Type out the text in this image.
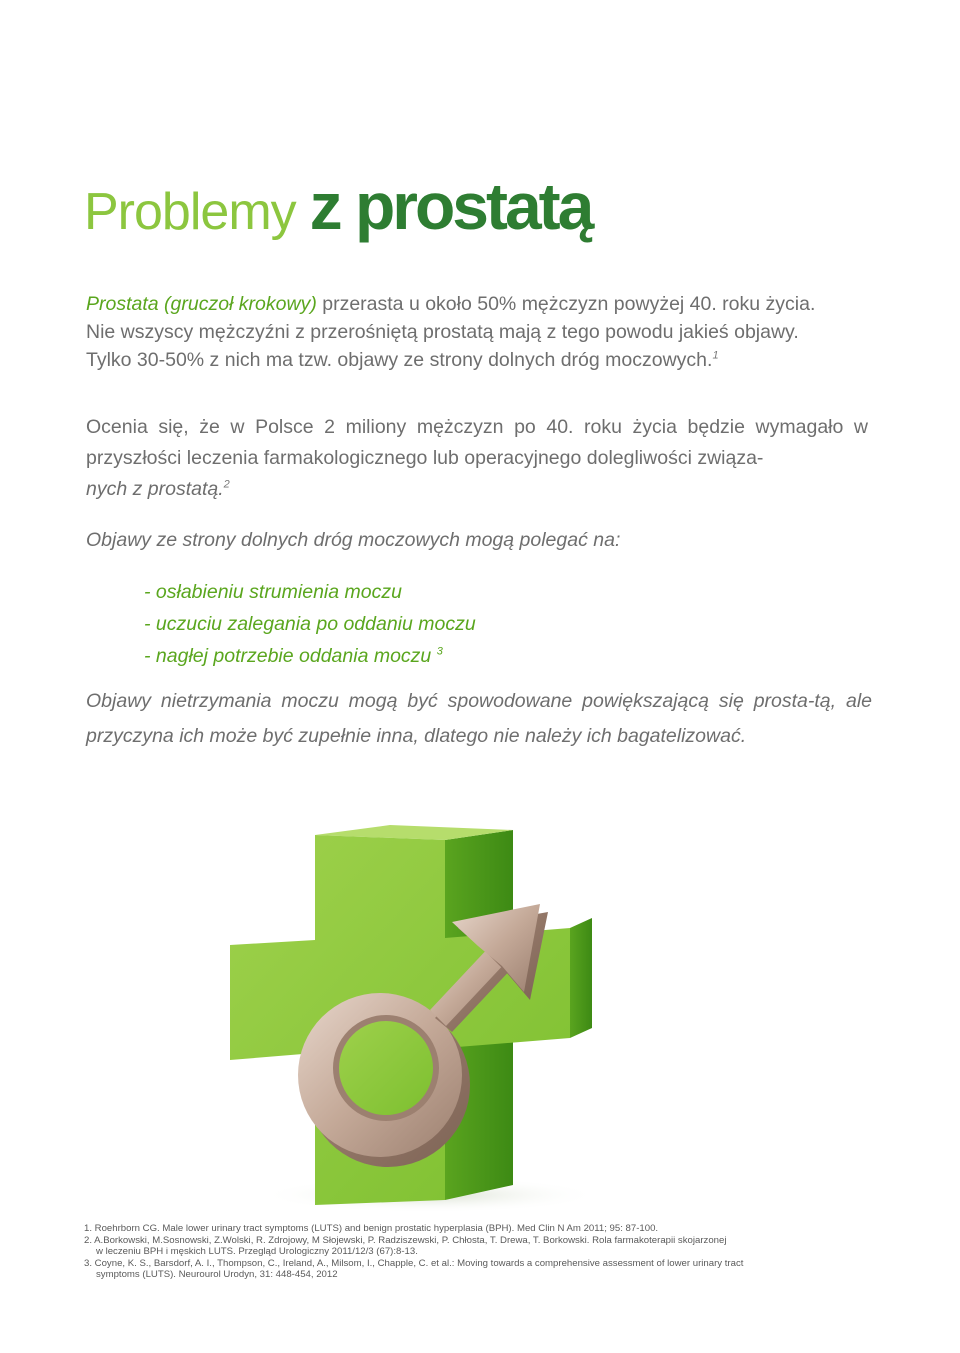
Problemy z prostatą

Prostata (gruczoł krokowy) przerasta u około 50% mężczyzn powyżej 40. roku życia.

Nie wszyscy mężczyźni z przerośniętą prostatą mają z tego powodu jakieś objawy.

Tylko 30-50% z nich ma tzw. objawy ze strony dolnych dróg moczowych.$^1$

Ocenia się, że w Polsce 2 miliony mężczyzn po 40. roku życia będzie wymagało w przyszłości leczenia farmakologicznego lub operacyjnego dolegliwości związa-
nych z prostatą.$^2$

Objawy ze strony dolnych dróg moczowych mogą polegać na:

- osłabieniu strumienia moczu
- uczuciu zalegania po oddaniu moczu
- nagłej potrzebie oddania moczu $^3$

Objawy nietrzymania moczu mogą być spowodowane powiększającą się prosta-tą, ale przyczyna ich może być zupełnie inna, dlatego nie należy ich bagatelizować.

1. Roehrborn CG. Male lower urinary tract symptoms (LUTS) and benign prostatic hyperplasia (BPH). Med Clin N Am 2011; 95: 87-100.

2. A.Borkowski, M.Sosnowski, Z.Wolski, R. Zdrojowy, M Słojewski, P. Radziszewski, P. Chłosta, T. Drewa, T. Borkowski. Rola farmakoterapii skojarzonej
w leczeniu BPH i męskich LUTS. Przegląd Urologiczny 2011/12/3 (67):8-13.

3. Coyne, K. S., Barsdorf, A. I., Thompson, C., Ireland, A., Milsom, I., Chapple, C. et al.: Moving towards a comprehensive assessment of lower urinary tract
symptoms (LUTS). Neurourol Urodyn, 31: 448-454, 2012
